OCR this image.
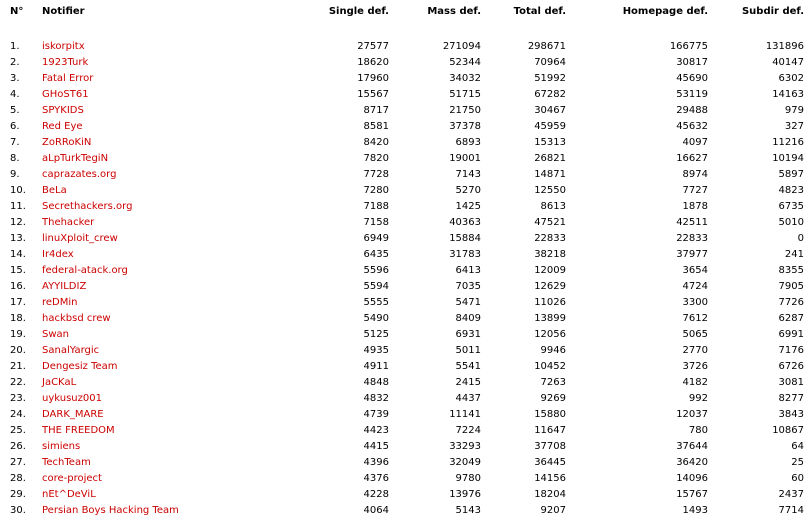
N°	Notifier	Single def.	Mass def.	Total def.	Homepage def.	Subdir def.

1.	iskorpitx	27577	271094	298671	166775	131896
2.	1923Turk	18620	52344	70964	30817	40147
3.	Fatal Error	17960	34032	51992	45690	6302
4.	GHoST61	15567	51715	67282	53119	14163
5.	SPYKIDS	8717	21750	30467	29488	979
6.	Red Eye	8581	37378	45959	45632	327
7.	ZoRRoKiN	8420	6893	15313	4097	11216
8.	aLpTurkTegiN	7820	19001	26821	16627	10194
9.	caprazates.org	7728	7143	14871	8974	5897
10.	BeLa	7280	5270	12550	7727	4823
11.	Secrethackers.org	7188	1425	8613	1878	6735
12.	Thehacker	7158	40363	47521	42511	5010
13.	linuXploit_crew	6949	15884	22833	22833	0
14.	Ir4dex	6435	31783	38218	37977	241
15.	federal-atack.org	5596	6413	12009	3654	8355
16.	AYYILDIZ	5594	7035	12629	4724	7905
17.	reDMin	5555	5471	11026	3300	7726
18.	hackbsd crew	5490	8409	13899	7612	6287
19.	Swan	5125	6931	12056	5065	6991
20.	SanalYargic	4935	5011	9946	2770	7176
21.	Dengesiz Team	4911	5541	10452	3726	6726
22.	JaCKaL	4848	2415	7263	4182	3081
23.	uykusuz001	4832	4437	9269	992	8277
24.	DARK_MARE	4739	11141	15880	12037	3843
25.	THE FREEDOM	4423	7224	11647	780	10867
26.	simiens	4415	33293	37708	37644	64
27.	TechTeam	4396	32049	36445	36420	25
28.	core-project	4376	9780	14156	14096	60
29.	nEt^DeViL	4228	13976	18204	15767	2437
30.	Persian Boys Hacking Team	4064	5143	9207	1493	7714
